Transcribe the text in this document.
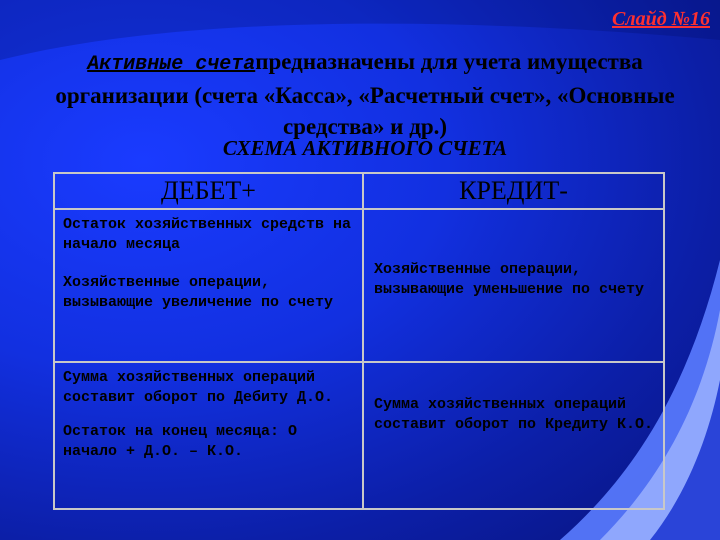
Слайд №16
Активные счетапредназначены для учета имущества организации (счета «Касса», «Расчетный счет», «Основные средства» и др.)
СХЕМА АКТИВНОГО СЧЕТА
ДЕБЕТ+	КРЕДИТ-

Остаток хозяйственных средств на начало месяца
Хозяйственные операции, вызывающие увеличение по счету	Хозяйственные операции, вызывающие уменьшение по счету

Сумма хозяйственных операций составит оборот по Дебиту Д.О.
Остаток на конец месяца: О начало + Д.О. – К.О.	Сумма хозяйственных операций составит оборот по Кредиту К.О.
